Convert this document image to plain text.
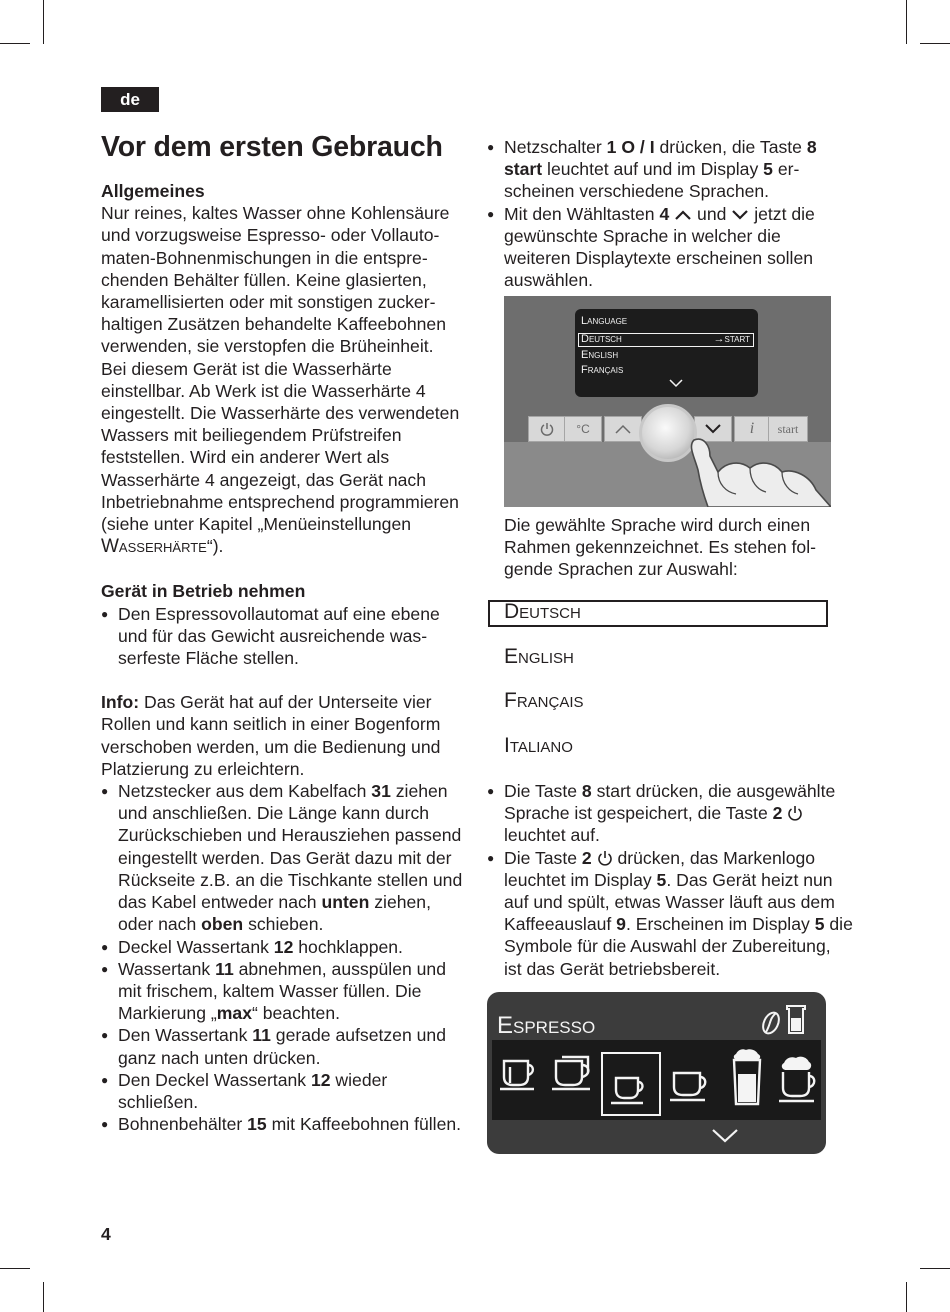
de
Vor dem ersten Gebrauch

Allgemeines

Nur reines, kaltes Wasser ohne Kohlensäure und vorzugsweise Espresso- oder Vollautomaten-Bohnenmischungen in die entsprechenden Behälter füllen. Keine glasierten, karamellisierten oder mit sonstigen zuckerhaltigen Zusätzen behandelte Kaffeebohnen verwenden, sie verstopfen die Brüheinheit. Bei diesem Gerät ist die Wasserhärte einstellbar. Ab Werk ist die Wasserhärte 4 eingestellt. Die Wasserhärte des verwendeten Wassers mit beiliegendem Prüfstreifen feststellen. Wird ein anderer Wert als Wasserhärte 4 angezeigt, das Gerät nach Inbetriebnahme entsprechend programmieren (siehe unter Kapitel „Menüeinstellungen Wasserhärte“).

Gerät in Betrieb nehmen

● Den Espressovollautomat auf eine ebene und für das Gewicht ausreichende wasserfeste Fläche stellen.

Info: Das Gerät hat auf der Unterseite vier Rollen und kann seitlich in einer Bogenform verschoben werden, um die Bedienung und Platzierung zu erleichtern.

● Netzstecker aus dem Kabelfach 31 ziehen und anschließen. Die Länge kann durch Zurückschieben und Herausziehen passend eingestellt werden. Das Gerät dazu mit der Rückseite z.B. an die Tischkante stellen und das Kabel entweder nach unten ziehen, oder nach oben schieben.

● Deckel Wassertank 12 hochklappen.

● Wassertank 11 abnehmen, ausspülen und mit frischem, kaltem Wasser füllen. Die Markierung „max“ beachten.

● Den Wassertank 11 gerade aufsetzen und ganz nach unten drücken.

● Den Deckel Wassertank 12 wieder schließen.

● Bohnenbehälter 15 mit Kaffeebohnen füllen.

● Netzschalter 1 O / I drücken, die Taste 8 start leuchtet auf und im Display 5 erscheinen verschiedene Sprachen.

● Mit den Wähltasten 4  und  jetzt die gewünschte Sprache in welcher die weiteren Displaytexte erscheinen sollen auswählen.

Language
Deutsch	→start
English
Français
°C	i	start

Die gewählte Sprache wird durch einen Rahmen gekennzeichnet. Es stehen folgende Sprachen zur Auswahl:

Deutsch
English
Français
Italiano

● Die Taste 8 start drücken, die ausgewählte Sprache ist gespeichert, die Taste 2
leuchtet auf.

● Die Taste 2  drücken, das Markenlogo leuchtet im Display 5. Das Gerät heizt nun auf und spült, etwas Wasser läuft aus dem Kaffeeauslauf 9. Erscheinen im Display 5 die Symbole für die Auswahl der Zubereitung, ist das Gerät betriebsbereit.

Espresso
4
